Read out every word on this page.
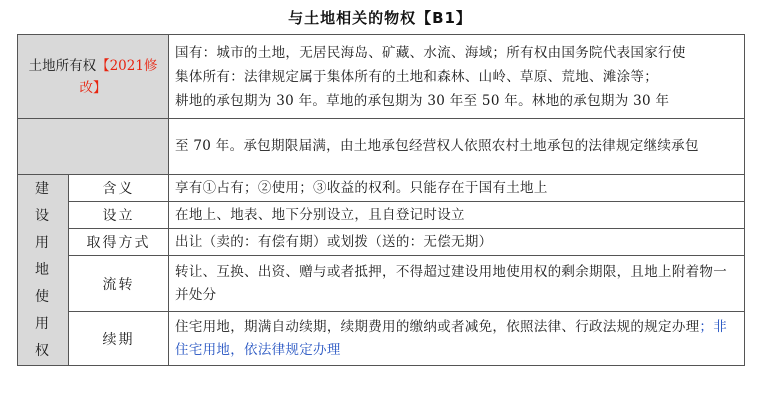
与土地相关的物权【B1】
土地所有权【2021修改】		国有：城市的土地，无居民海岛、矿藏、水流、海域；所有权由国务院代表国家行使
集体所有：法律规定属于集体所有的土地和森林、山岭、草原、荒地、滩涂等；
耕地的承包期为 30 年。草地的承包期为 30 年至 50 年。林地的承包期为 30 年

		至 70 年。承包期限届满，由土地承包经营权人依照农村土地承包的法律规定继续承包

建设用地使用权	含义	享有①占有；②使用；③收益的权利。只能存在于国有土地上
	设立	在地上、地表、地下分别设立，且自登记时设立
	取得方式	出让（卖的：有偿有期）或划拨（送的：无偿无期）
	流转	转让、互换、出资、赠与或者抵押，不得超过建设用地使用权的剩余期限，且地上附着物一并处分
	续期	住宅用地，期满自动续期，续期费用的缴纳或者减免，依照法律、行政法规的规定办理；非住宅用地，依法律规定办理
